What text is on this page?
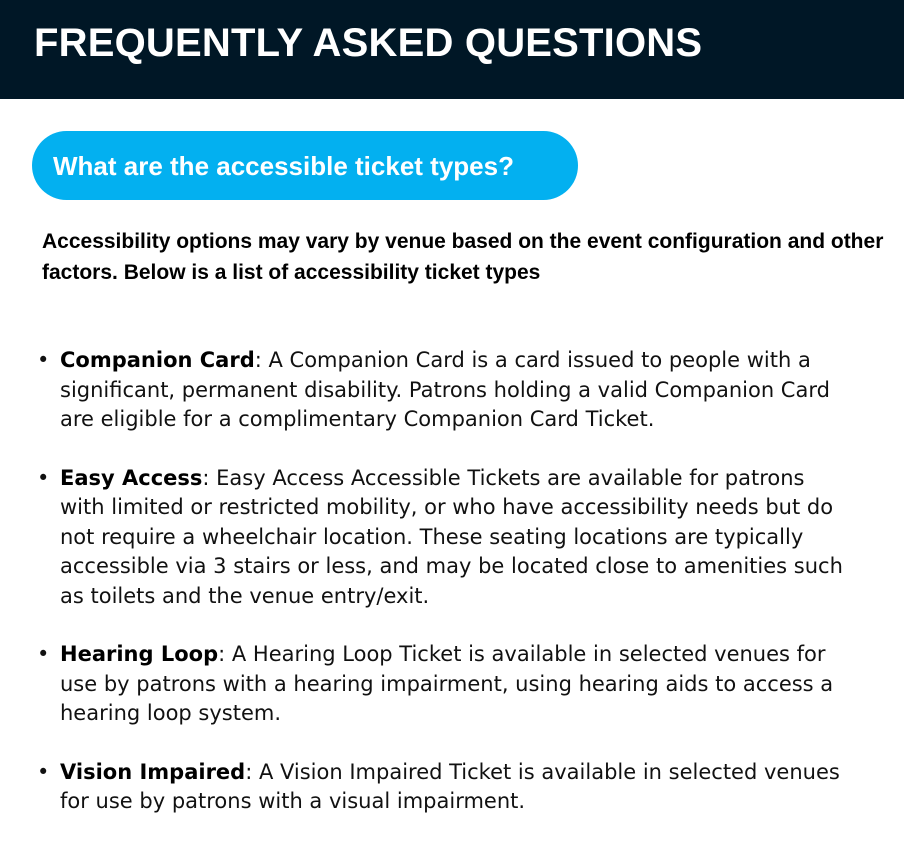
FREQUENTLY ASKED QUESTIONS
What are the accessible ticket types?

Accessibility options may vary by venue based on the event configuration and other factors. Below is a list of accessibility ticket types

• Companion Card: A Companion Card is a card issued to people with a significant, permanent disability. Patrons holding a valid Companion Card are eligible for a complimentary Companion Card Ticket.
• Easy Access: Easy Access Accessible Tickets are available for patrons with limited or restricted mobility, or who have accessibility needs but do not require a wheelchair location. These seating locations are typically accessible via 3 stairs or less, and may be located close to amenities such as toilets and the venue entry/exit.
• Hearing Loop: A Hearing Loop Ticket is available in selected venues for use by patrons with a hearing impairment, using hearing aids to access a hearing loop system.
• Vision Impaired: A Vision Impaired Ticket is available in selected venues for use by patrons with a visual impairment.
